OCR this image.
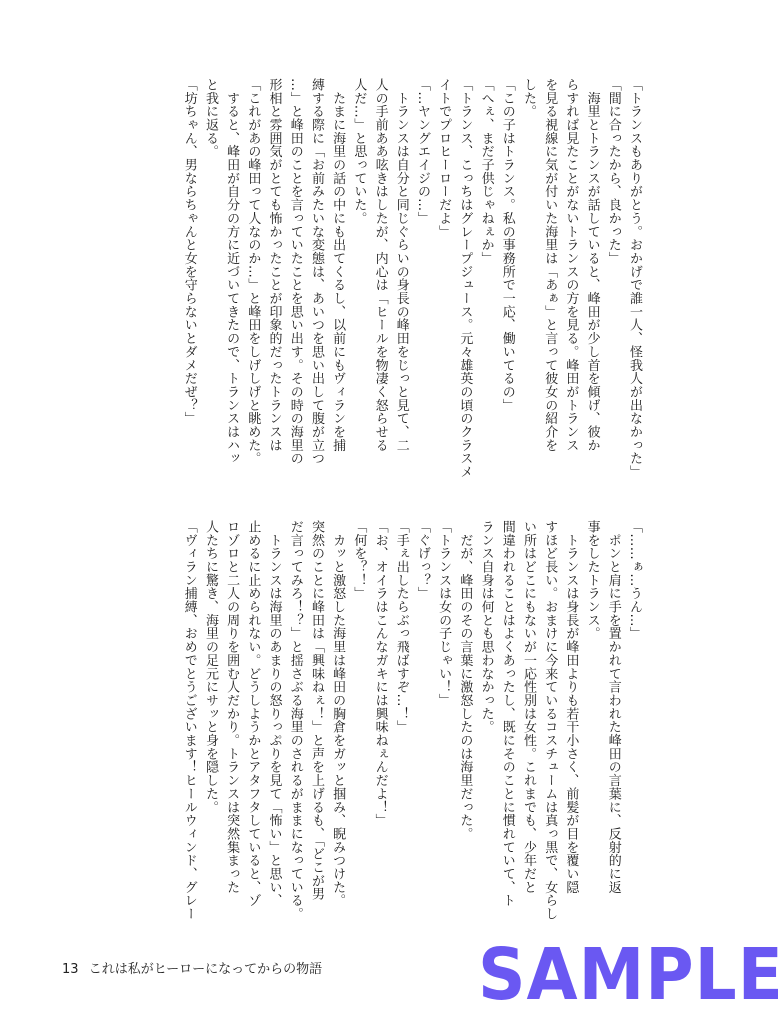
「トランスもありがとう。おかげで誰一人、怪我人が出なかった」

「間に合ったから、良かった」

　海里とトランスが話していると、峰田が少し首を傾げ、彼か

らすれば見たことがないトランスの方を見る。峰田がトランス

を見る視線に気が付いた海里は「あぁ」と言って彼女の紹介を

した。

「この子はトランス。私の事務所で一応、働いてるの」

「へぇ、まだ子供じゃねぇか」

「トランス、こっちはグレープジュース。元々雄英の頃のクラスメ

イトでプロヒーローだよ」

「…ヤングエイジの…」

　トランスは自分と同じぐらいの身長の峰田をじっと見て、二

人の手前ああ呟きはしたが、内心は「ヒールを物凄く怒らせる

人だ…」と思っていた。

　たまに海里の話の中にも出てくるし、以前にもヴィランを捕

縛する際に「お前みたいな変態は、あいつを思い出して腹が立つ

…」と峰田のことを言っていたことを思い出す。その時の海里の

形相と雰囲気がとても怖かったことが印象的だったトランスは

「これがあの峰田って人なのか…」と峰田をしげしげと眺めた。

　すると、峰田が自分の方に近づいてきたので、トランスはハッ

と我に返る。

「坊ちゃん、男ならちゃんと女を守らないとダメだぜ？」

「……ぁ…うん…」

　ポンと肩に手を置かれて言われた峰田の言葉に、反射的に返

事をしたトランス。

　トランスは身長が峰田よりも若干小さく、前髪が目を覆い隠

すほど長い。おまけに今来ているコスチュームは真っ黒で、女らし

い所はどこにもないが一応性別は女性。これまでも、少年だと

間違われることはよくあったし、既にそのことに慣れていて、ト

ランス自身は何とも思わなかった。

　だが、峰田のその言葉に激怒したのは海里だった。

「トランスは女の子じゃい！」

「ぐげっ？」

「手ぇ出したらぶっ飛ばすぞ…！」

「お、オイラはこんなガキには興味ねぇんだよ！」

「何を？！」

　カッと激怒した海里は峰田の胸倉をガッと掴み、睨みつけた。

突然のことに峰田は「興味ねぇ！」と声を上げるも、「どこが男

だ言ってみろ！？」と揺さぶる海里のされるがままになっている。

　トランスは海里のあまりの怒りっぷりを見て「怖い」と思い、

止めるに止められない。どうしようかとアタフタしていると、ゾ

ロゾロと二人の周りを囲む人だかり。トランスは突然集まった

人たちに驚き、海里の足元にサッと身を隠した。

「ヴィラン捕縛、おめでとうございます！ヒールウィンド、グレー

13 これは私がヒーローになってからの物語 SAMPLE
